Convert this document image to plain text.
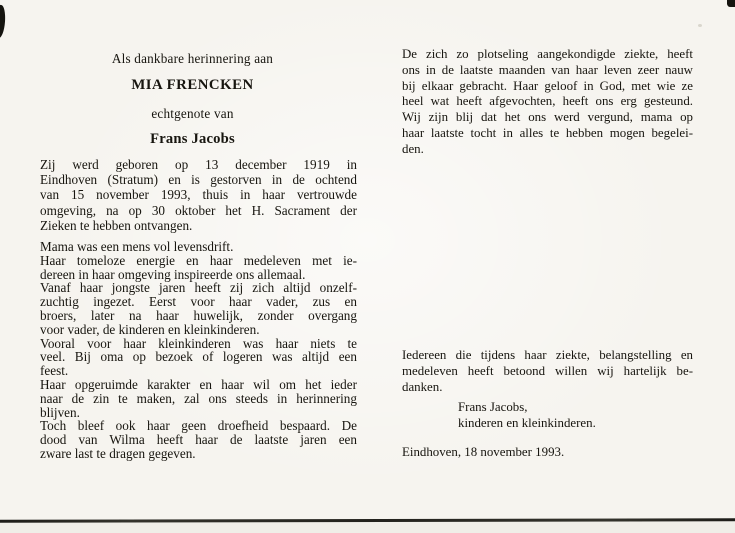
Als dankbare herinnering aan
MIA FRENCKEN
echtgenote van
Frans Jacobs
Zij werd geboren op 13 december 1919 in
Eindhoven (Stratum) en is gestorven in de ochtend
van 15 november 1993, thuis in haar vertrouwde
omgeving, na op 30 oktober het H. Sacrament der
Zieken te hebben ontvangen.
Mama was een mens vol levensdrift.
Haar tomeloze energie en haar medeleven met ie-
dereen in haar omgeving inspireerde ons allemaal.
Vanaf haar jongste jaren heeft zij zich altijd onzelf-
zuchtig ingezet. Eerst voor haar vader, zus en
broers, later na haar huwelijk, zonder overgang
voor vader, de kinderen en kleinkinderen.
Vooral voor haar kleinkinderen was haar niets te
veel. Bij oma op bezoek of logeren was altijd een
feest.
Haar opgeruimde karakter en haar wil om het ieder
naar de zin te maken, zal ons steeds in herinnering
blijven.
Toch bleef ook haar geen droefheid bespaard. De
dood van Wilma heeft haar de laatste jaren een
zware last te dragen gegeven.
De zich zo plotseling aangekondigde ziekte, heeft
ons in de laatste maanden van haar leven zeer nauw
bij elkaar gebracht. Haar geloof in God, met wie ze
heel wat heeft afgevochten, heeft ons erg gesteund.
Wij zijn blij dat het ons werd vergund, mama op
haar laatste tocht in alles te hebben mogen begelei-
den.
Iedereen die tijdens haar ziekte, belangstelling en
medeleven heeft betoond willen wij hartelijk be-
danken.
Frans Jacobs,
kinderen en kleinkinderen.
Eindhoven, 18 november 1993.
